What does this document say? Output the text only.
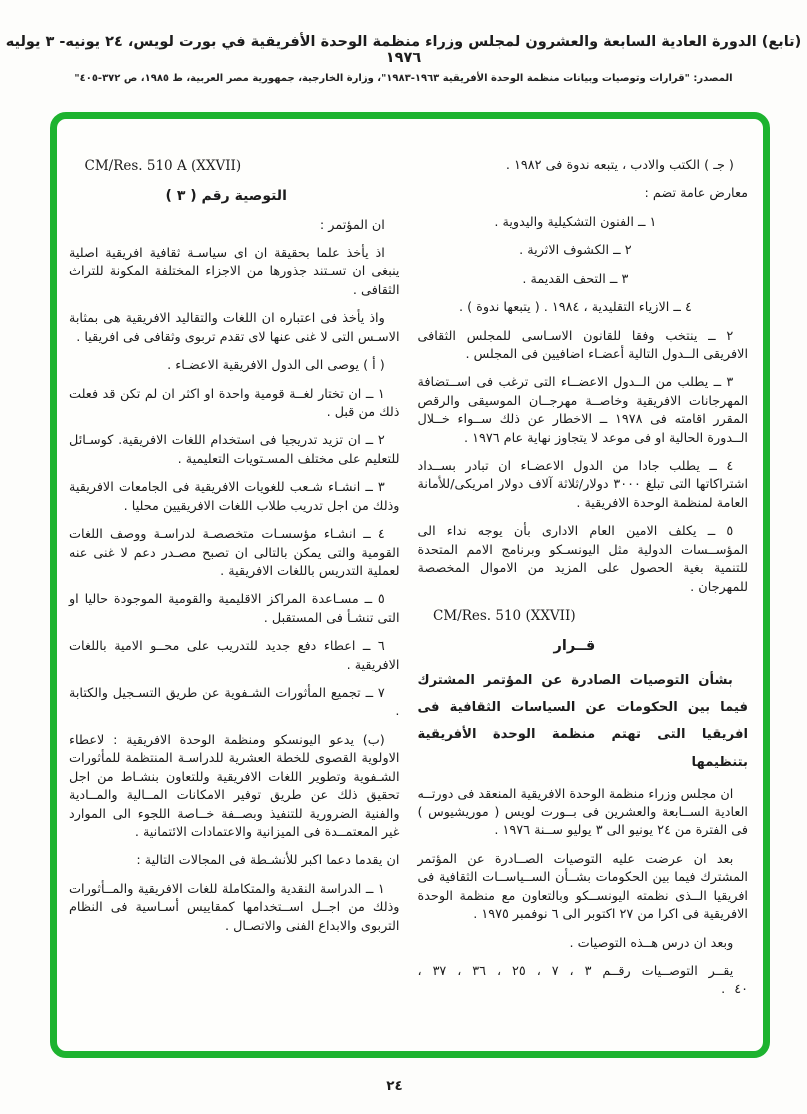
(تابع) الدورة العادية السابعة والعشرون لمجلس وزراء منظمة الوحدة الأفريقية في بورت لويس، ٢٤ يونيه- ٣ يوليه ١٩٧٦
المصدر: "قرارات وتوصيات وبيانات منظمة الوحدة الأفريقية ١٩٦٣-١٩٨٣"، وزارة الخارجية، جمهورية مصر العربية، ط ١٩٨٥، ص ٣٧٢-٤٠٥"

( جـ ) الكتب والادب ، يتبعه ندوة فى ١٩٨٢ .

معارض عامة تضم :

١ ــ الفنون التشكيلية واليدوية .

٢ ــ الكشوف الاثرية .

٣ ــ التحف القديمة .

٤ ــ الازياء التقليدية ، ١٩٨٤ . ( يتبعها ندوة ) .

٢ ــ ينتخب وفقا للقانون الاسـاسى للمجلس الثقافى الافريقى الــدول التالية أعضـاء اضافيين فى المجلس .

٣ ــ يطلب من الــدول الاعضــاء التى ترغب فى اســتضافة المهرجانات الافريقية وخاصــة مهرجــان الموسيقى والرقص المقرر اقامته فى ١٩٧٨ ــ الاخطار عن ذلك ســواء خــلال الــدورة الحالية او فى موعد لا يتجاوز نهاية عام ١٩٧٦ .

٤ ــ يطلب جادا من الدول الاعضـاء ان تبادر بســداد اشتراكاتها التى تبلغ ٣٠٠٠ دولار/ثلاثة آلاف دولار امريكى/للأمانة العامة لمنظمة الوحدة الافريقية .

٥ ــ يكلف الامين العام الادارى بأن يوجه نداء الى المؤســسات الدولية مثل اليونسـكو وبرنامج الامم المتحدة للتنمية بغية الحصول على المزيد من الاموال المخصصة للمهرجان .

CM/Res. 510 (XXVII)

قــرار

بشأن التوصيات الصادرة عن المؤتمر المشترك فيما بين الحكومات عن السياسات الثقافية فى افريقيا التى تهتم منظمة الوحدة الأفريقية بتنظيمها

ان مجلس وزراء منظمة الوحدة الافريقية المنعقد فى دورتــه العادية الســابعة والعشرين فى بــورت لويس ( موريشيوس ) فى الفترة من ٢٤ يونيو الى ٣ يوليو ســنة ١٩٧٦ .

بعد ان عرضت عليه التوصيات الصــادرة عن المؤتمر المشترك فيما بين الحكومات بشــأن الســياســات الثقافية فى افريقيا الــذى نظمته اليونســكو وبالتعاون مع منظمة الوحدة الافريقية فى اكرا من ٢٧ اكتوبر الى ٦ نوفمبر ١٩٧٥ .

وبعد ان درس هــذه التوصيات .

يقــر التوصــيات رقــم ٣ ، ٧ ، ٢٥ ، ٣٦ ، ٣٧ ، ٤٠ .

CM/Res. 510 A (XXVII)

التوصية رقم ( ٣ )

ان المؤتمر :

اذ يأخذ علما بحقيقة ان اى سياسـة ثقافية افريقية اصلية ينبغى ان تسـتند جذورها من الاجزاء المختلفة المكونة للتراث الثقافى .

واذ يأخذ فى اعتباره ان اللغات والتقاليد الافريقية هى بمثابة الاسـس التى لا غنى عنها لاى تقدم تربوى وثقافى فى افريقيا .

( أ ) يوصى الى الدول الافريقية الاعضـاء .

١ ــ ان تختار لغــة قومية واحدة او اكثر ان لم تكن قد فعلت ذلك من قبل .

٢ ــ ان تزيد تدريجيا فى استخدام اللغات الافريقية. كوسـائل للتعليم على مختلف المسـتويات التعليمية .

٣ ــ انشـاء شـعب للغويات الافريقية فى الجامعات الافريقية وذلك من اجل تدريب طلاب اللغات الافريقيين محليا .

٤ ــ انشـاء مؤسسـات متخصصـة لدراسـة ووصف اللغات القومية والتى يمكن بالتالى ان تصبح مصـدر دعم لا غنى عنه لعملية التدريس باللغات الافريقية .

٥ ــ مسـاعدة المراكز الاقليمية والقومية الموجودة حاليا او التى تنشـأ فى المستقبل .

٦ ــ اعطاء دفع جديد للتدريب على محــو الامية باللغات الافريقية .

٧ ــ تجميع المأثورات الشـفوية عن طريق التسـجيل والكتابة .

(ب) يدعو اليونسكو ومنظمة الوحدة الافريقية : لاعطاء الاولوية القصوى للخطة العشرية للدراسـة المنتظمة للمأثورات الشـفوية وتطوير اللغات الافريقية وللتعاون بنشـاط من اجل تحقيق ذلك عن طريق توفير الامكانات المــالية والمــادية والفنية الضرورية للتنفيذ وبصــفة خــاصة اللجوء الى الموارد غير المعتمــدة فى الميزانية والاعتمادات الائتمانية .

ان يقدما دعما اكبر للأنشـطة فى المجالات التالية :

١ ــ الدراسة النقدية والمتكاملة للغات الافريقية والمــأثورات وذلك من اجــل اســتخدامها كمقاييس أسـاسية فى النظام التربوى والابداع الفنى والاتصـال .

٢٤
